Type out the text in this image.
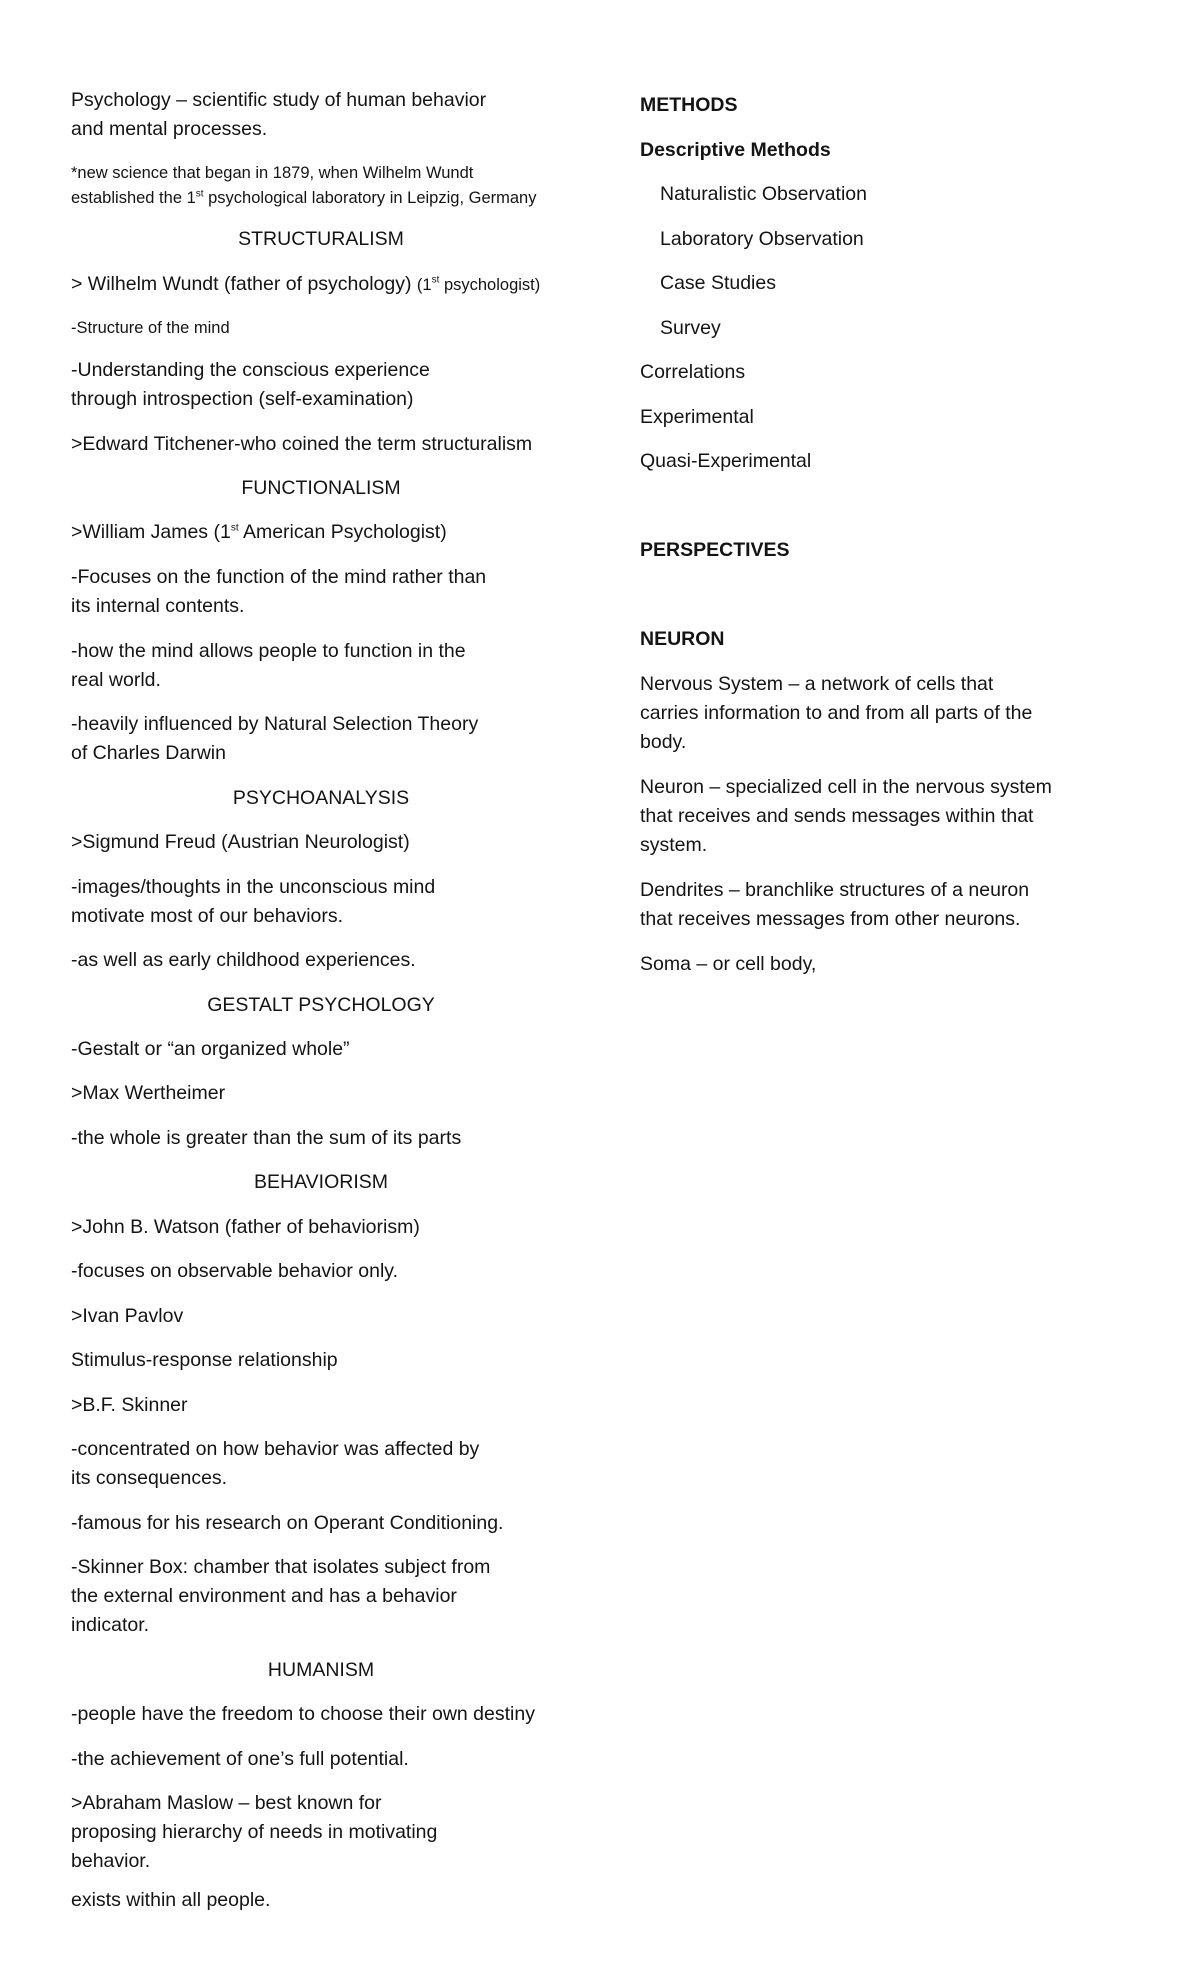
Psychology – scientific study of human behavior
and mental processes.
*new science that began in 1879, when Wilhelm Wundt
established the 1st psychological laboratory in Leipzig, Germany
STRUCTURALISM
> Wilhelm Wundt (father of psychology) (1st psychologist)
-Structure of the mind
-Understanding the conscious experience
through introspection (self-examination)
>Edward Titchener-who coined the term structuralism
FUNCTIONALISM
>William James (1st American Psychologist)
-Focuses on the function of the mind rather than
its internal contents.
-how the mind allows people to function in the
real world.
-heavily influenced by Natural Selection Theory
of Charles Darwin
PSYCHOANALYSIS
>Sigmund Freud (Austrian Neurologist)
-images/thoughts in the unconscious mind
motivate most of our behaviors.
-as well as early childhood experiences.
GESTALT PSYCHOLOGY
-Gestalt or “an organized whole”
>Max Wertheimer
-the whole is greater than the sum of its parts
BEHAVIORISM
>John B. Watson (father of behaviorism)
-focuses on observable behavior only.
>Ivan Pavlov
Stimulus-response relationship
>B.F. Skinner
-concentrated on how behavior was affected by
its consequences.
-famous for his research on Operant Conditioning.
-Skinner Box: chamber that isolates subject from
the external environment and has a behavior
indicator.
HUMANISM
-people have the freedom to choose their own destiny
-the achievement of one’s full potential.
>Abraham Maslow – best known for
proposing hierarchy of needs in motivating
behavior.
exists within all people.
METHODS
Descriptive Methods
Naturalistic Observation
Laboratory Observation
Case Studies
Survey
Correlations
Experimental
Quasi-Experimental
PERSPECTIVES
NEURON
Nervous System – a network of cells that
carries information to and from all parts of the
body.
Neuron – specialized cell in the nervous system
that receives and sends messages within that
system.
Dendrites – branchlike structures of a neuron
that receives messages from other neurons.
Soma – or cell body,
